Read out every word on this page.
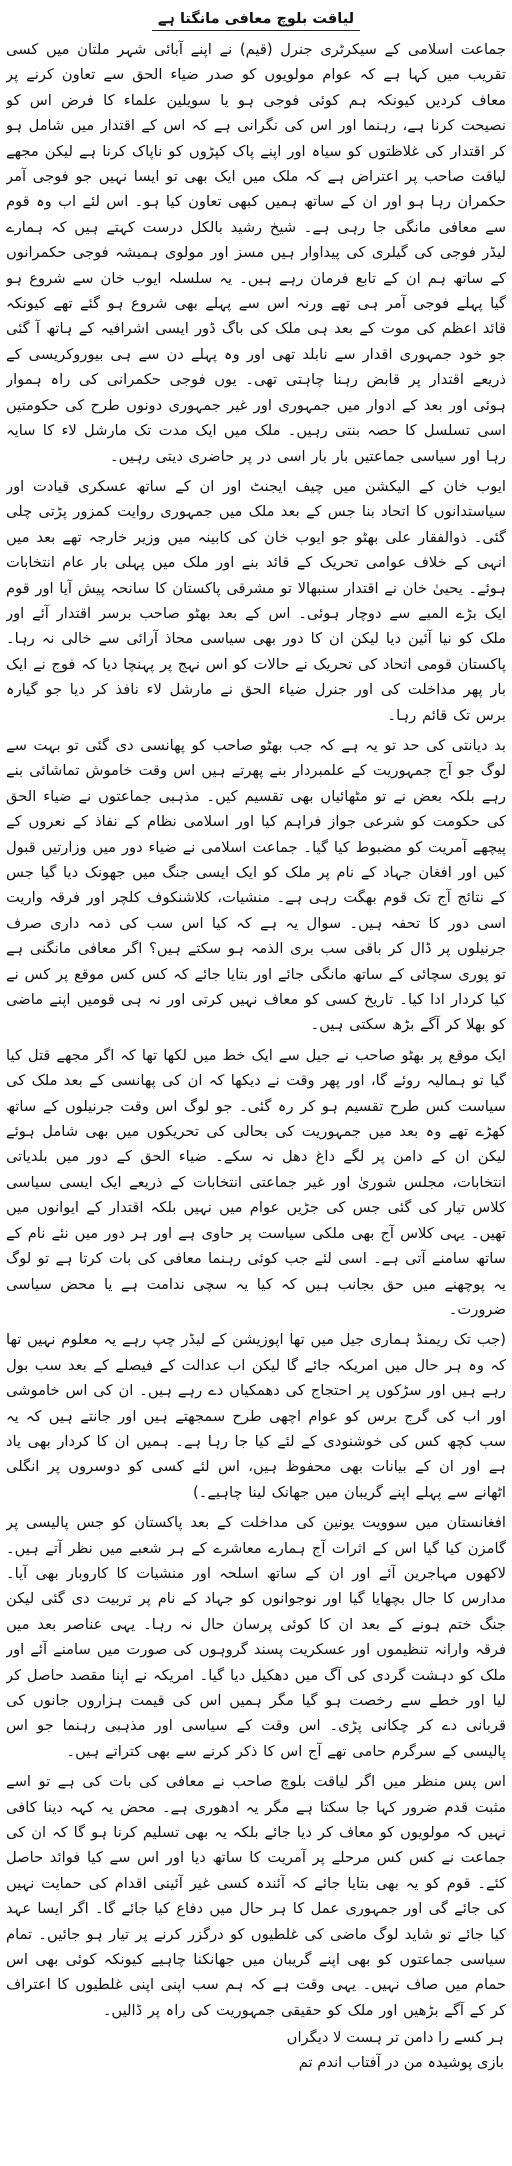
لیاقت بلوچ معافی مانگتا ہے

جماعت اسلامی کے سیکرٹری جنرل (قیم) نے اپنے آبائی شہر ملتان میں کسی تقریب میں کہا ہے کہ عوام مولویوں کو صدر ضیاء الحق سے تعاون کرنے پر معاف کردیں کیونکہ ہم کوئی فوجی ہو یا سویلین علماء کا فرض اس کو نصیحت کرنا ہے، رہنما اور اس کی نگرانی ہے کہ اس کے اقتدار میں شامل ہو کر اقتدار کی غلاظتوں کو سیاہ اور اپنے پاک کپڑوں کو ناپاک کرنا ہے لیکن مجھے لیاقت صاحب پر اعتراض ہے کہ ملک میں ایک بھی تو ایسا نہیں جو فوجی آمر حکمران رہا ہو اور ان کے ساتھ ہمیں کبھی تعاون کیا ہو۔ اس لئے اب وہ قوم سے معافی مانگی جا رہی ہے۔ شیخ رشید بالکل درست کہتے ہیں کہ ہمارے لیڈر فوجی کی گیلری کی پیداوار ہیں مسز اور مولوی ہمیشہ فوجی حکمرانوں کے ساتھ ہم ان کے تابع فرمان رہے ہیں۔ یہ سلسلہ ایوب خان سے شروع ہو گیا پہلے فوجی آمر ہی تھے ورنہ اس سے پہلے بھی شروع ہو گئے تھے کیونکہ قائد اعظم کی موت کے بعد ہی ملک کی باگ ڈور ایسی اشرافیہ کے ہاتھ آ گئی جو خود جمہوری اقدار سے نابلد تھی اور وہ پہلے دن سے ہی بیوروکریسی کے ذریعے اقتدار پر قابض رہنا چاہتی تھی۔ یوں فوجی حکمرانی کی راہ ہموار ہوئی اور بعد کے ادوار میں جمہوری اور غیر جمہوری دونوں طرح کی حکومتیں اسی تسلسل کا حصہ بنتی رہیں۔ ملک میں ایک مدت تک مارشل لاء کا سایہ رہا اور سیاسی جماعتیں بار بار اسی در پر حاضری دیتی رہیں۔

ایوب خان کے الیکشن میں چیف ایجنٹ اور ان کے ساتھ عسکری قیادت اور سیاستدانوں کا اتحاد بنا جس کے بعد ملک میں جمہوری روایت کمزور پڑتی چلی گئی۔ ذوالفقار علی بھٹو جو ایوب خان کی کابینہ میں وزیر خارجہ تھے بعد میں انہی کے خلاف عوامی تحریک کے قائد بنے اور ملک میں پہلی بار عام انتخابات ہوئے۔ یحییٰ خان نے اقتدار سنبھالا تو مشرقی پاکستان کا سانحہ پیش آیا اور قوم ایک بڑے المیے سے دوچار ہوئی۔ اس کے بعد بھٹو صاحب برسر اقتدار آئے اور ملک کو نیا آئین دیا لیکن ان کا دور بھی سیاسی محاذ آرائی سے خالی نہ رہا۔ پاکستان قومی اتحاد کی تحریک نے حالات کو اس نہج پر پہنچا دیا کہ فوج نے ایک بار پھر مداخلت کی اور جنرل ضیاء الحق نے مارشل لاء نافذ کر دیا جو گیارہ برس تک قائم رہا۔

بد دیانتی کی حد تو یہ ہے کہ جب بھٹو صاحب کو پھانسی دی گئی تو بہت سے لوگ جو آج جمہوریت کے علمبردار بنے پھرتے ہیں اس وقت خاموش تماشائی بنے رہے بلکہ بعض نے تو مٹھائیاں بھی تقسیم کیں۔ مذہبی جماعتوں نے ضیاء الحق کی حکومت کو شرعی جواز فراہم کیا اور اسلامی نظام کے نفاذ کے نعروں کے پیچھے آمریت کو مضبوط کیا گیا۔ جماعت اسلامی نے ضیاء دور میں وزارتیں قبول کیں اور افغان جہاد کے نام پر ملک کو ایک ایسی جنگ میں جھونک دیا گیا جس کے نتائج آج تک قوم بھگت رہی ہے۔ منشیات، کلاشنکوف کلچر اور فرقہ واریت اسی دور کا تحفہ ہیں۔ سوال یہ ہے کہ کیا اس سب کی ذمہ داری صرف جرنیلوں پر ڈال کر باقی سب بری الذمہ ہو سکتے ہیں؟ اگر معافی مانگنی ہے تو پوری سچائی کے ساتھ مانگی جائے اور بتایا جائے کہ کس کس موقع پر کس نے کیا کردار ادا کیا۔ تاریخ کسی کو معاف نہیں کرتی اور نہ ہی قومیں اپنے ماضی کو بھلا کر آگے بڑھ سکتی ہیں۔

ایک موقع پر بھٹو صاحب نے جیل سے ایک خط میں لکھا تھا کہ اگر مجھے قتل کیا گیا تو ہمالیہ روئے گا، اور پھر وقت نے دیکھا کہ ان کی پھانسی کے بعد ملک کی سیاست کس طرح تقسیم ہو کر رہ گئی۔ جو لوگ اس وقت جرنیلوں کے ساتھ کھڑے تھے وہ بعد میں جمہوریت کی بحالی کی تحریکوں میں بھی شامل ہوئے لیکن ان کے دامن پر لگے داغ دھل نہ سکے۔ ضیاء الحق کے دور میں بلدیاتی انتخابات، مجلس شوریٰ اور غیر جماعتی انتخابات کے ذریعے ایک ایسی سیاسی کلاس تیار کی گئی جس کی جڑیں عوام میں نہیں بلکہ اقتدار کے ایوانوں میں تھیں۔ یہی کلاس آج بھی ملکی سیاست پر حاوی ہے اور ہر دور میں نئے نام کے ساتھ سامنے آتی ہے۔ اسی لئے جب کوئی رہنما معافی کی بات کرتا ہے تو لوگ یہ پوچھنے میں حق بجانب ہیں کہ کیا یہ سچی ندامت ہے یا محض سیاسی ضرورت۔

(جب تک ریمنڈ ہماری جیل میں تھا اپوزیشن کے لیڈر چپ رہے یہ معلوم نہیں تھا کہ وہ ہر حال میں امریکہ جائے گا لیکن اب عدالت کے فیصلے کے بعد سب بول رہے ہیں اور سڑکوں پر احتجاج کی دھمکیاں دے رہے ہیں۔ ان کی اس خاموشی اور اب کی گرج برس کو عوام اچھی طرح سمجھتے ہیں اور جانتے ہیں کہ یہ سب کچھ کس کی خوشنودی کے لئے کیا جا رہا ہے۔ ہمیں ان کا کردار بھی یاد ہے اور ان کے بیانات بھی محفوظ ہیں، اس لئے کسی کو دوسروں پر انگلی اٹھانے سے پہلے اپنے گریبان میں جھانک لینا چاہیے۔)

افغانستان میں سوویت یونین کی مداخلت کے بعد پاکستان کو جس پالیسی پر گامزن کیا گیا اس کے اثرات آج ہمارے معاشرے کے ہر شعبے میں نظر آتے ہیں۔ لاکھوں مہاجرین آئے اور ان کے ساتھ اسلحہ اور منشیات کا کاروبار بھی آیا۔ مدارس کا جال بچھایا گیا اور نوجوانوں کو جہاد کے نام پر تربیت دی گئی لیکن جنگ ختم ہونے کے بعد ان کا کوئی پرسان حال نہ رہا۔ یہی عناصر بعد میں فرقہ وارانہ تنظیموں اور عسکریت پسند گروہوں کی صورت میں سامنے آئے اور ملک کو دہشت گردی کی آگ میں دھکیل دیا گیا۔ امریکہ نے اپنا مقصد حاصل کر لیا اور خطے سے رخصت ہو گیا مگر ہمیں اس کی قیمت ہزاروں جانوں کی قربانی دے کر چکانی پڑی۔ اس وقت کے سیاسی اور مذہبی رہنما جو اس پالیسی کے سرگرم حامی تھے آج اس کا ذکر کرنے سے بھی کتراتے ہیں۔

اس پس منظر میں اگر لیاقت بلوچ صاحب نے معافی کی بات کی ہے تو اسے مثبت قدم ضرور کہا جا سکتا ہے مگر یہ ادھوری ہے۔ محض یہ کہہ دینا کافی نہیں کہ مولویوں کو معاف کر دیا جائے بلکہ یہ بھی تسلیم کرنا ہو گا کہ ان کی جماعت نے کس کس مرحلے پر آمریت کا ساتھ دیا اور اس سے کیا فوائد حاصل کئے۔ قوم کو یہ بھی بتایا جائے کہ آئندہ کسی غیر آئینی اقدام کی حمایت نہیں کی جائے گی اور جمہوری عمل کا ہر حال میں دفاع کیا جائے گا۔ اگر ایسا عہد کیا جائے تو شاید لوگ ماضی کی غلطیوں کو درگزر کرنے پر تیار ہو جائیں۔ تمام سیاسی جماعتوں کو بھی اپنے گریبان میں جھانکنا چاہیے کیونکہ کوئی بھی اس حمام میں صاف نہیں۔ یہی وقت ہے کہ ہم سب اپنی اپنی غلطیوں کا اعتراف کر کے آگے بڑھیں اور ملک کو حقیقی جمہوریت کی راہ پر ڈالیں۔

ہر کسے را دامن تر ہست لا دیگراں
بازی پوشیدہ من در آفتاب اندم تم
